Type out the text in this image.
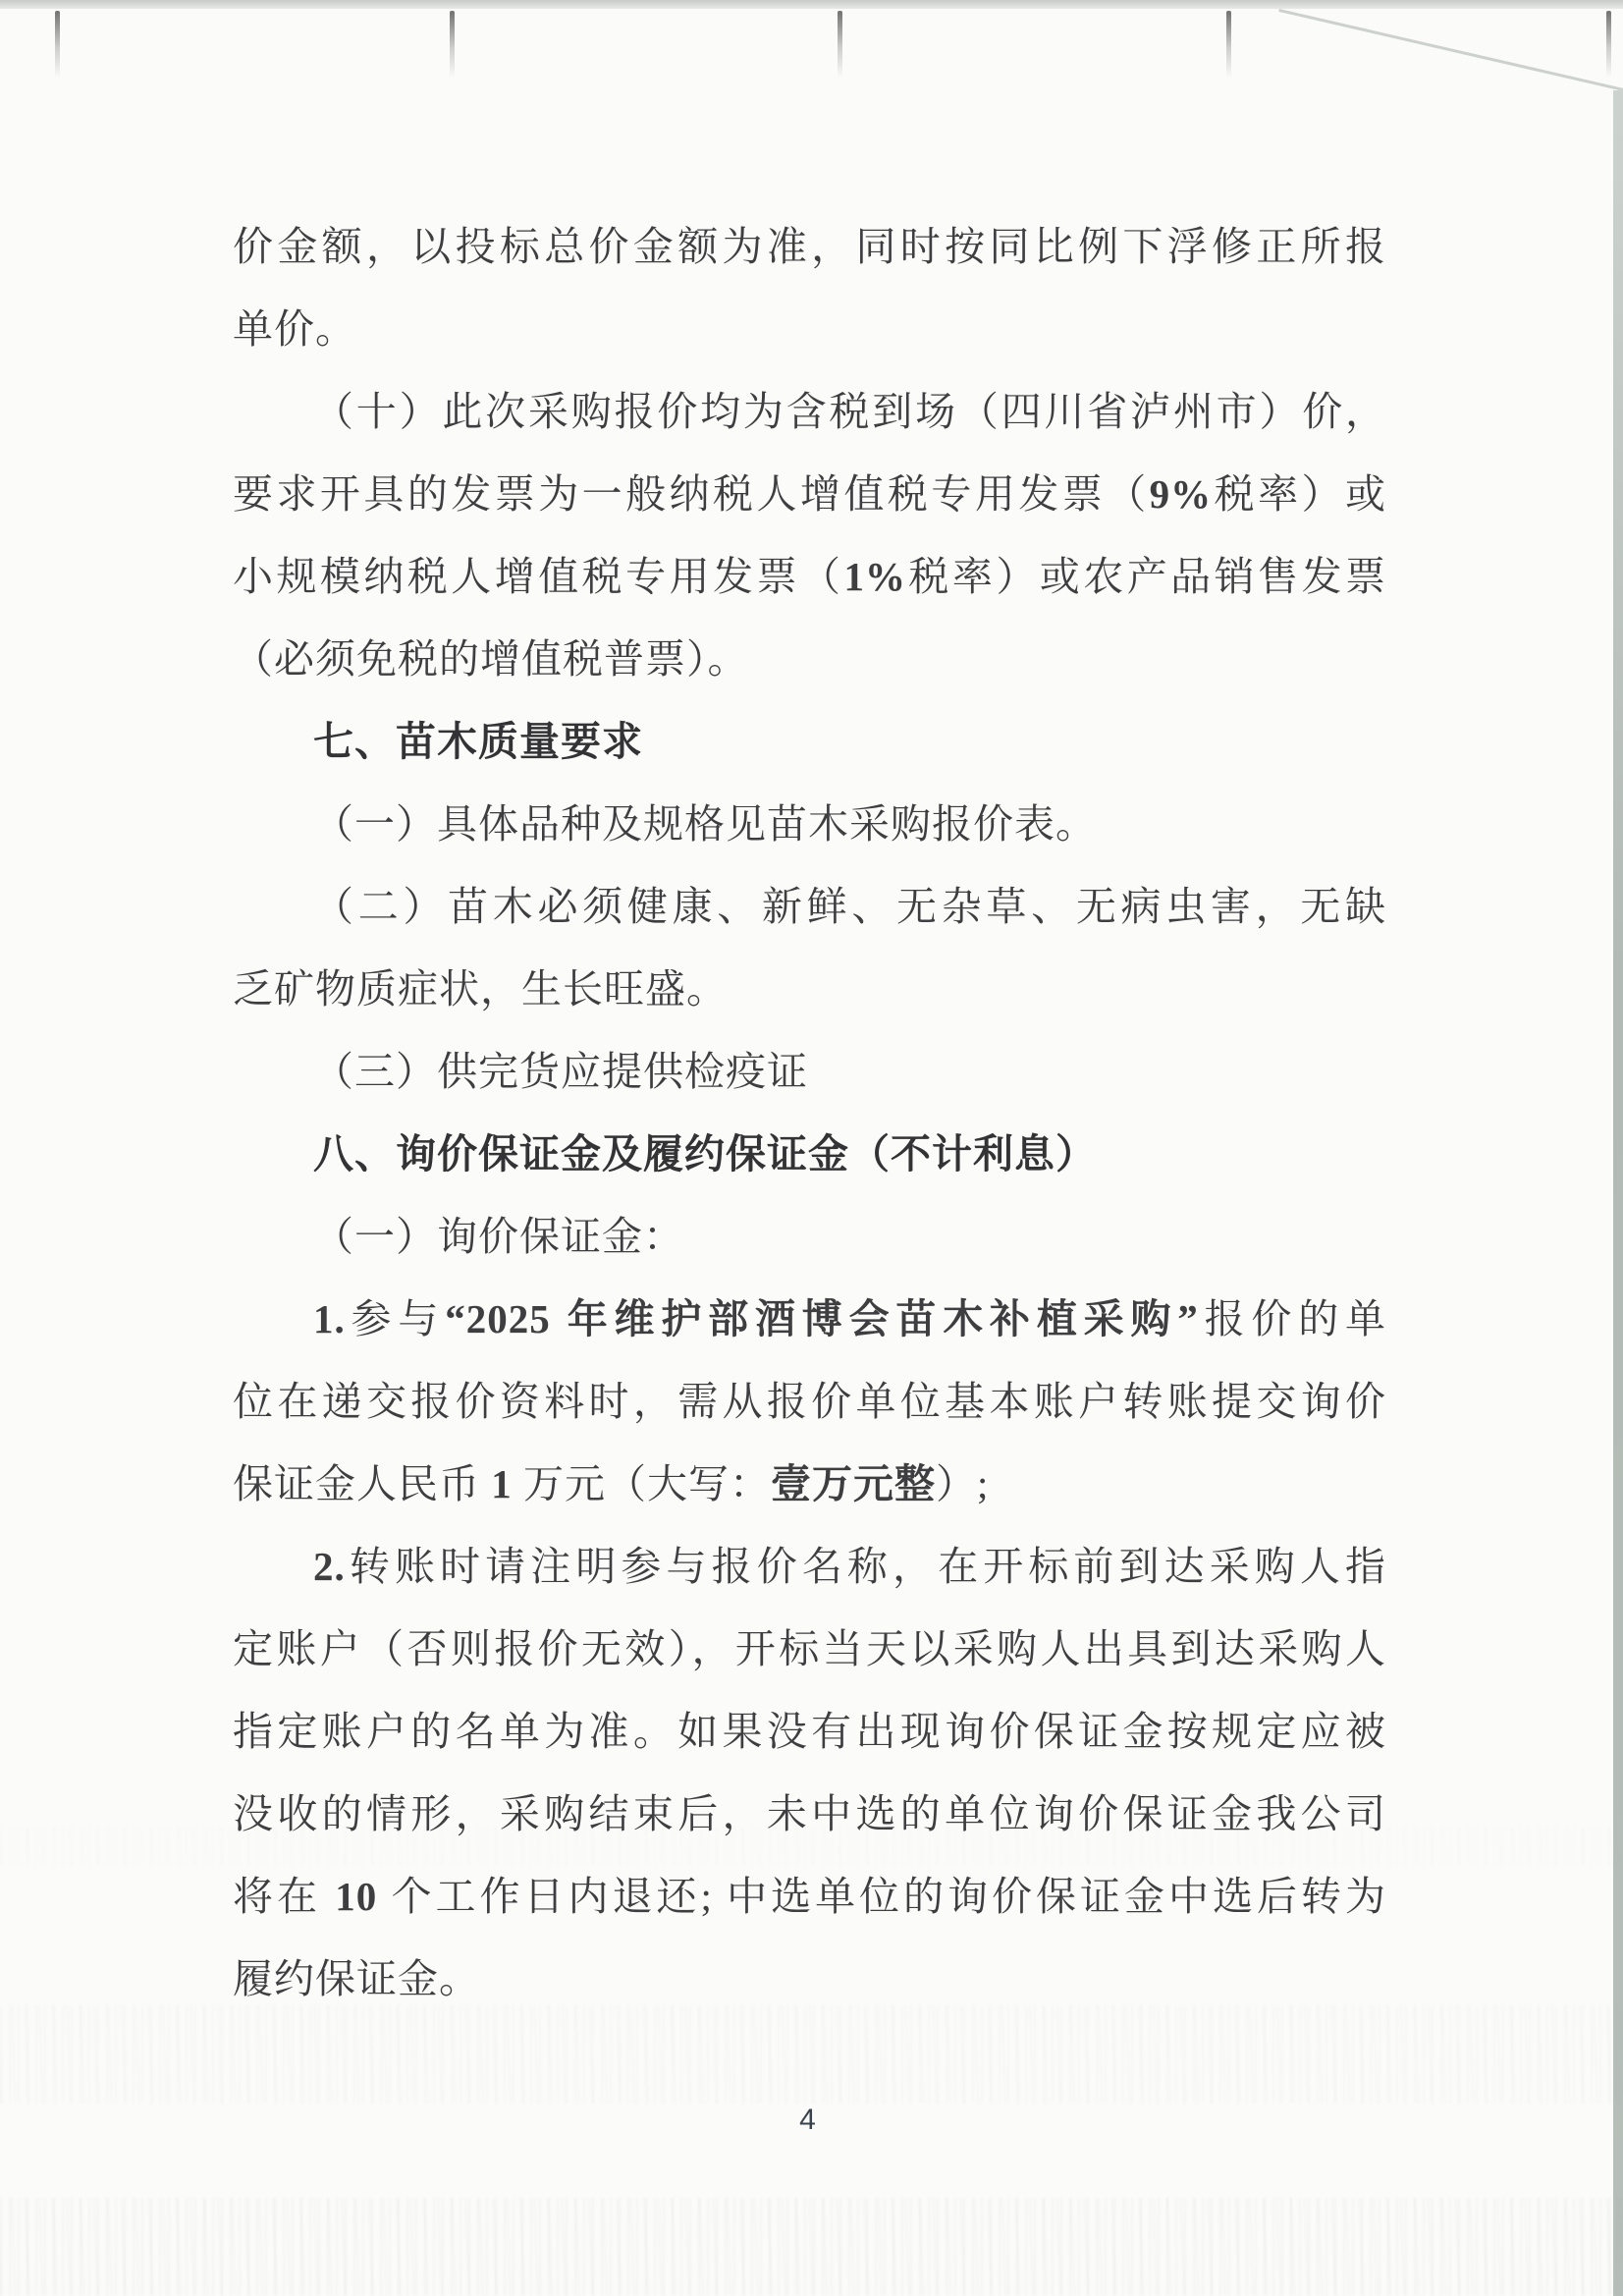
价金额，以投标总价金额为准，同时按同比例下浮修正所报
单价。
（十）此次采购报价均为含税到场（四川省泸州市）价，
要求开具的发票为一般纳税人增值税专用发票（9%税率）或
小规模纳税人增值税专用发票（1%税率）或农产品销售发票
（必须免税的增值税普票）。
七、苗木质量要求
（一）具体品种及规格见苗木采购报价表。
（二）苗木必须健康、新鲜、无杂草、无病虫害，无缺
乏矿物质症状，生长旺盛。
（三）供完货应提供检疫证
八、询价保证金及履约保证金（不计利息）
（一）询价保证金：
1.参与“2025 年维护部酒博会苗木补植采购”报价的单
位在递交报价资料时，需从报价单位基本账户转账提交询价
保证金人民币 1 万元（大写：壹万元整）;
2.转账时请注明参与报价名称，在开标前到达采购人指
定账户（否则报价无效），开标当天以采购人出具到达采购人
指定账户的名单为准。如果没有出现询价保证金按规定应被
没收的情形，采购结束后，未中选的单位询价保证金我公司
将在 10 个工作日内退还; 中选单位的询价保证金中选后转为
履约保证金。
4
